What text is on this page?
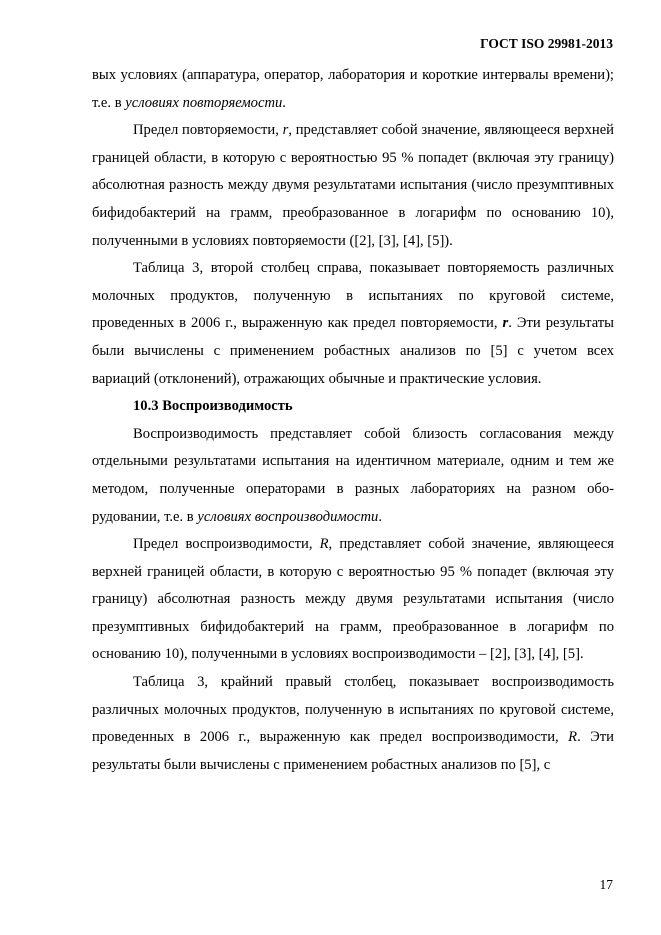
ГОСТ ISO 29981-2013

вых условиях (аппаратура, оператор, лаборатория и короткие интервалы времени); т.е. в условиях повторяемости.

Предел повторяемости, r, представляет собой значение, являющееся верхней границей области, в которую с вероятностью 95 % попадет (включая эту границу) абсолютная разность между двумя результатами испытания (число презумптивных бифидобактерий на грамм, преобразованное в логарифм по основанию 10), полученными в условиях повторяемости ([2], [3], [4], [5]).

Таблица 3, второй столбец справа, показывает повторяемость различных молочных продуктов, полученную в испытаниях по круговой системе, проведенных в 2006 г., выраженную как предел повторяемости, r. Эти результаты были вычислены с применением робастных анализов по [5] с учетом всех вариаций (отклонений), отражающих обычные и практические условия.

10.3 Воспроизводимость

Воспроизводимость представляет собой близость согласования между отдельными результатами испытания на идентичном материале, одним и тем же методом, полученные операторами в разных лабораториях на разном оборудовании, т.е. в условиях воспроизводимости.

Предел воспроизводимости, R, представляет собой значение, являющееся верхней границей области, в которую с вероятностью 95 % попадет (включая эту границу) абсолютная разность между двумя результатами испытания (число презумптивных бифидобактерий на грамм, преобразованное в логарифм по основанию 10), полученными в условиях воспроизводимости – [2], [3], [4], [5].

Таблица 3, крайний правый столбец, показывает воспроизводимость различных молочных продуктов, полученную в испытаниях по круговой системе, проведенных в 2006 г., выраженную как предел воспроизводимости, R. Эти результаты были вычислены с применением робастных анализов по [5], с

17
